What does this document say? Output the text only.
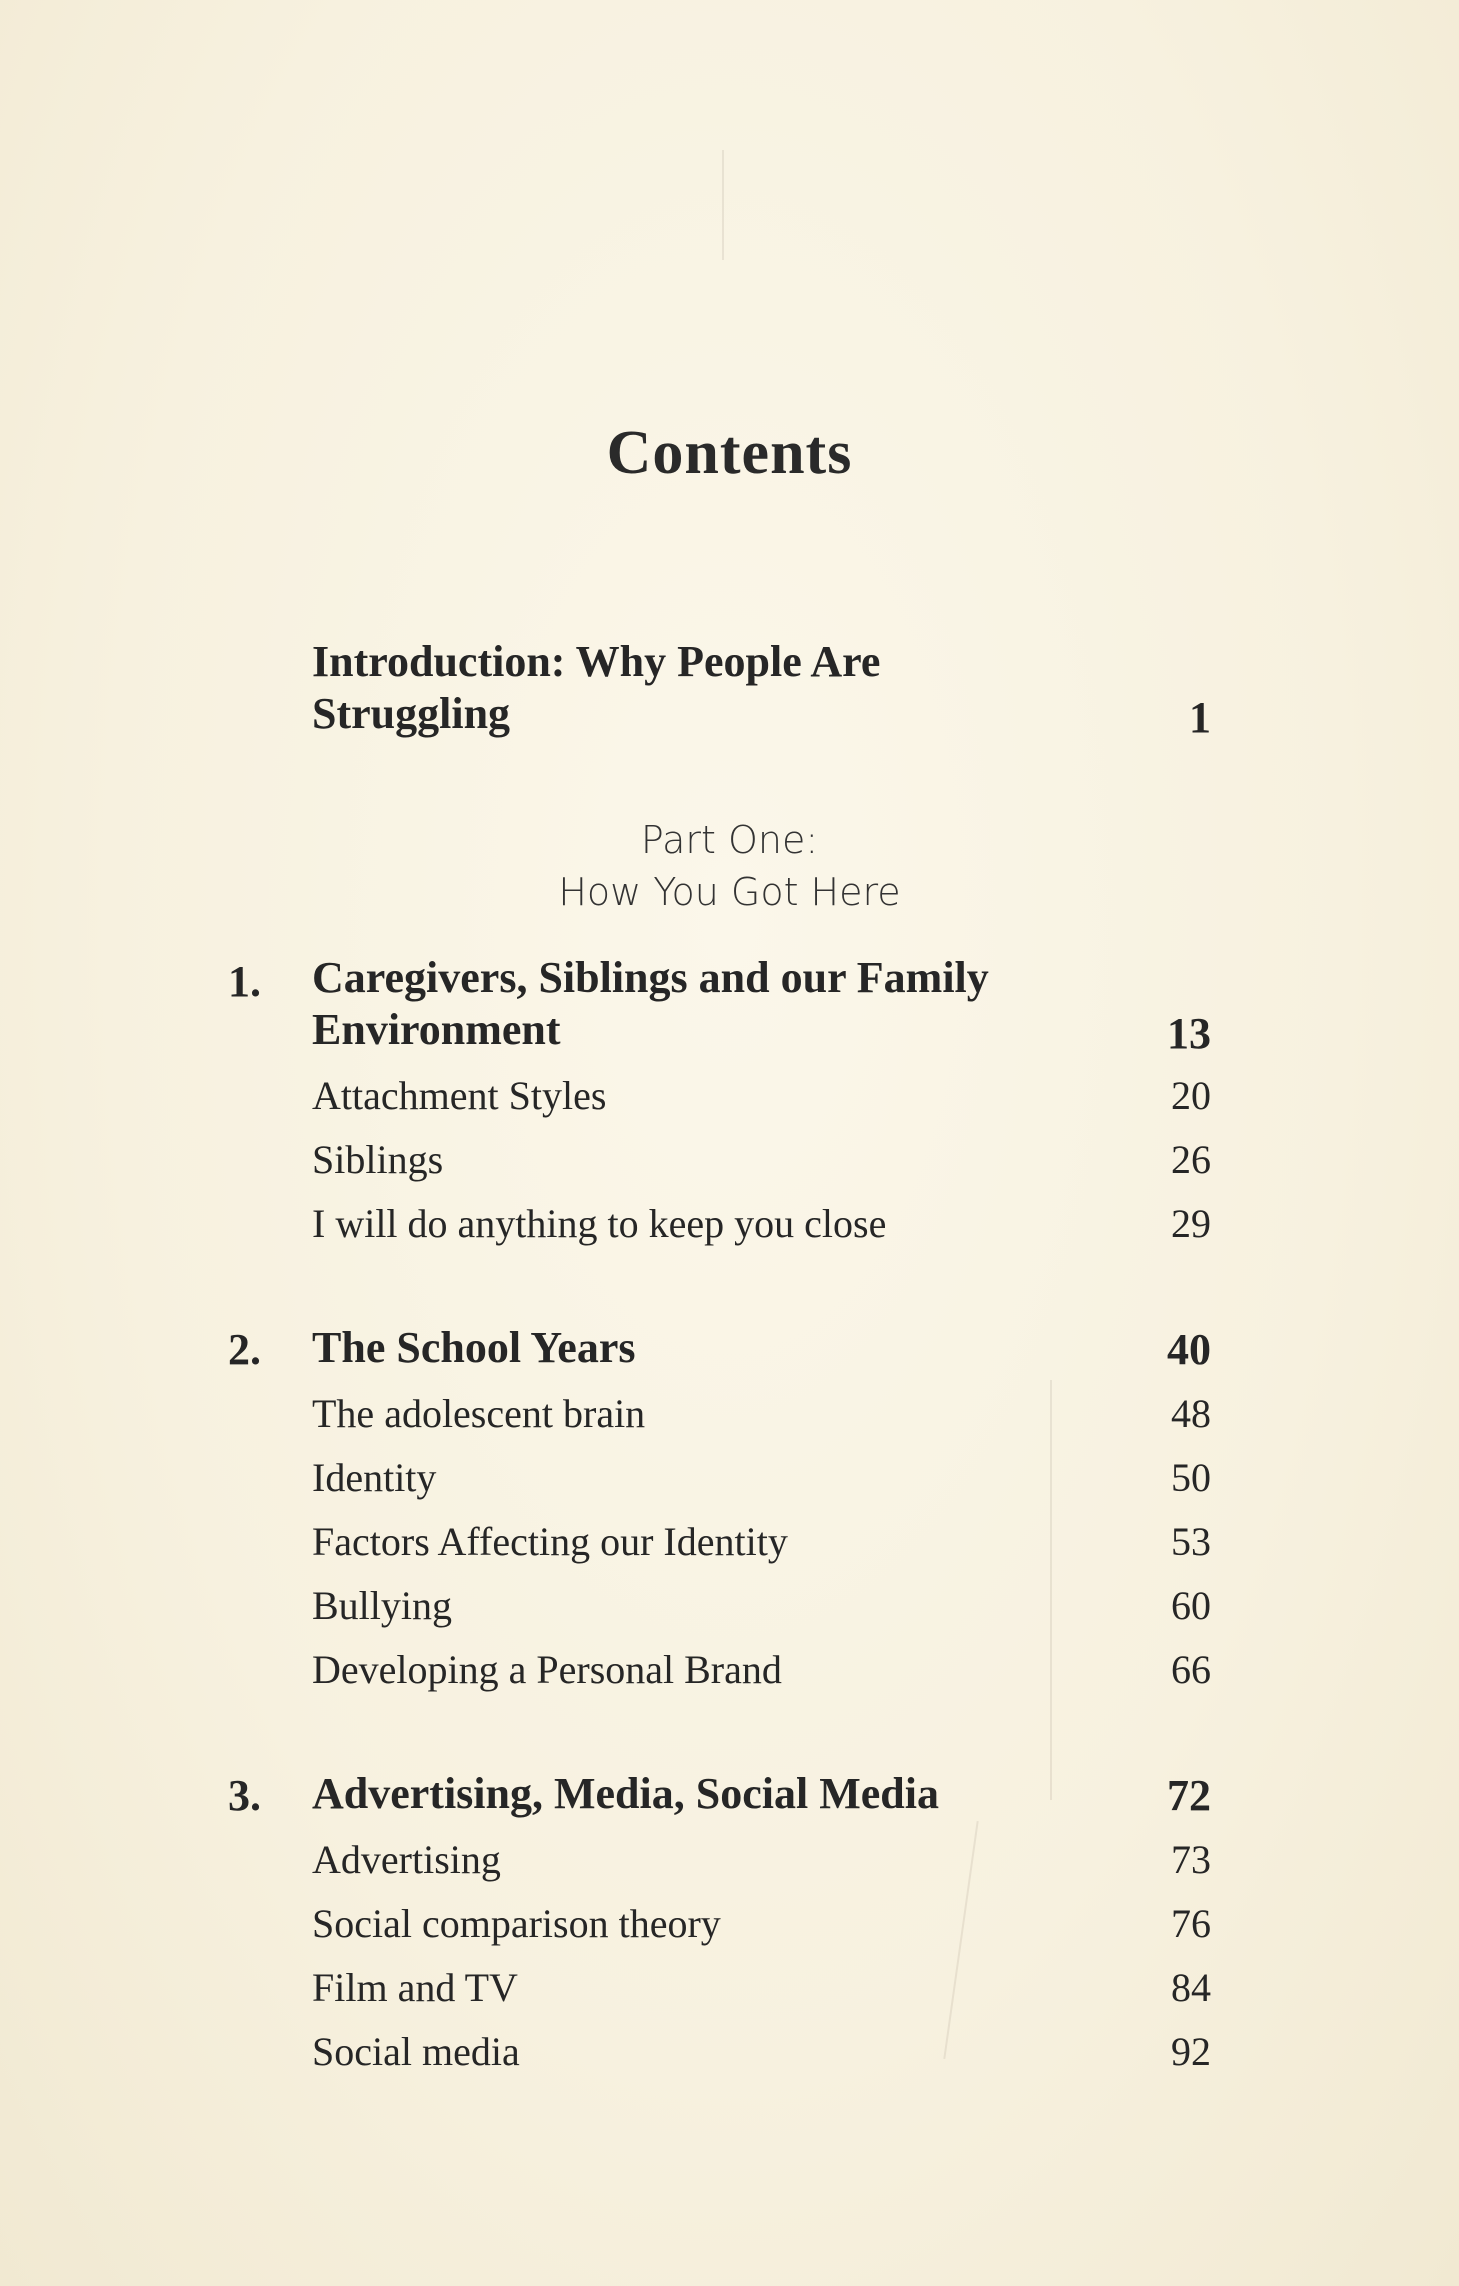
Contents
Introduction: Why People Are
Struggling	1
Part One:
How You Got Here
1. Caregivers, Siblings and our Family
Environment	13
Attachment Styles	20
Siblings	26
I will do anything to keep you close	29
2. The School Years	40
The adolescent brain	48
Identity	50
Factors Affecting our Identity	53
Bullying	60
Developing a Personal Brand	66
3. Advertising, Media, Social Media	72
Advertising	73
Social comparison theory	76
Film and TV	84
Social media	92
